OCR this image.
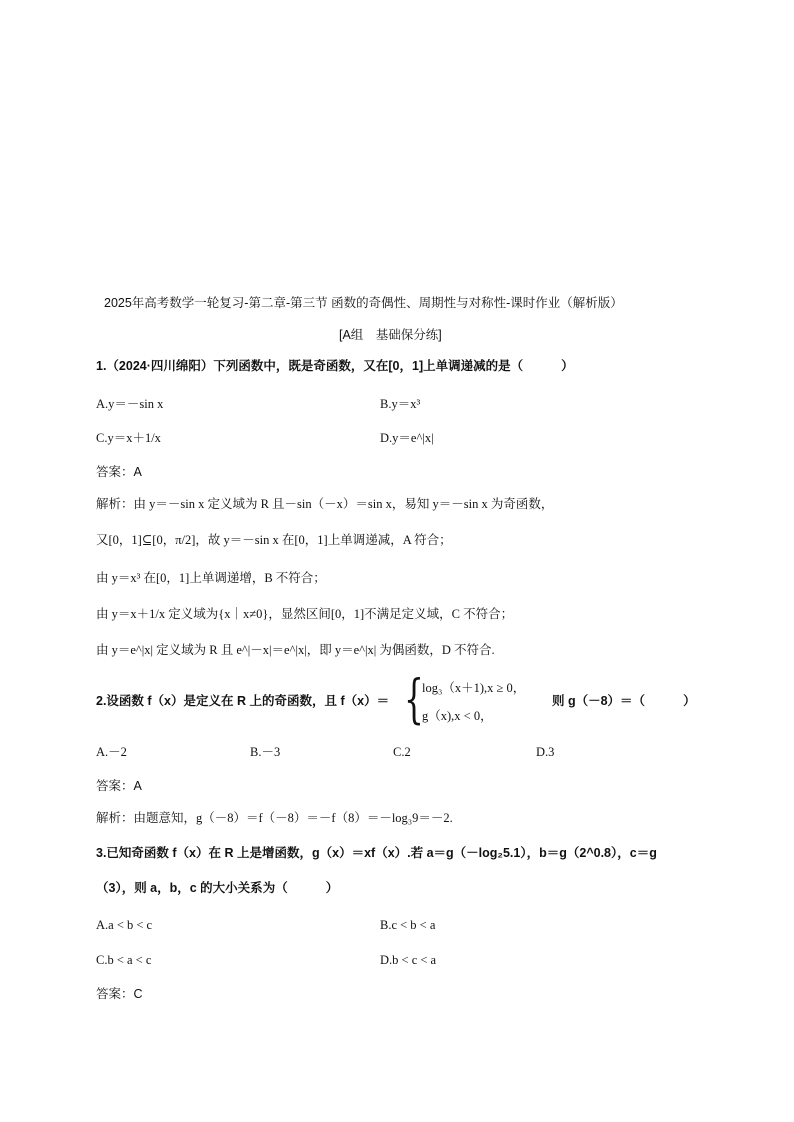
2025年高考数学一轮复习-第二章-第三节 函数的奇偶性、周期性与对称性-课时作业（解析版）
[A组　基础保分练]
1.（2024·四川绵阳）下列函数中，既是奇函数，又在[0，1]上单调递减的是（	）
A.y＝－sin x	B.y＝x³
C.y＝x＋1/x	D.y＝e^|x|
答案：A
解析：由 y＝－sin x 定义域为 R 且－sin（－x）＝sin x，易知 y＝－sin x 为奇函数，
又[0，1]⊆[0，π/2]，故 y＝－sin x 在[0，1]上单调递减，A 符合；
由 y＝x³ 在[0，1]上单调递增，B 不符合；
由 y＝x＋1/x 定义域为{x｜x≠0}，显然区间[0，1]不满足定义域，C 不符合；
由 y＝e^|x| 定义域为 R 且 e^|－x|＝e^|x|，即 y＝e^|x| 为偶函数，D 不符合.
2.设函数 f（x）是定义在 R 上的奇函数，且 f（x）＝ {
log₃（x＋1),x ≥ 0，
g（x),x < 0，
则 g（－8）＝（	）
A.－2	B.－3	C.2	D.3
答案：A
解析：由题意知，g（－8）＝f（－8）＝－f（8）＝－log₃9＝－2.
3.已知奇函数 f（x）在 R 上是增函数，g（x）＝xf（x）.若 a＝g（－log₂5.1），b＝g（2^0.8），c＝g
（3），则 a，b，c 的大小关系为（	）
A.a < b < c	B.c < b < a
C.b < a < c	D.b < c < a
答案：C
